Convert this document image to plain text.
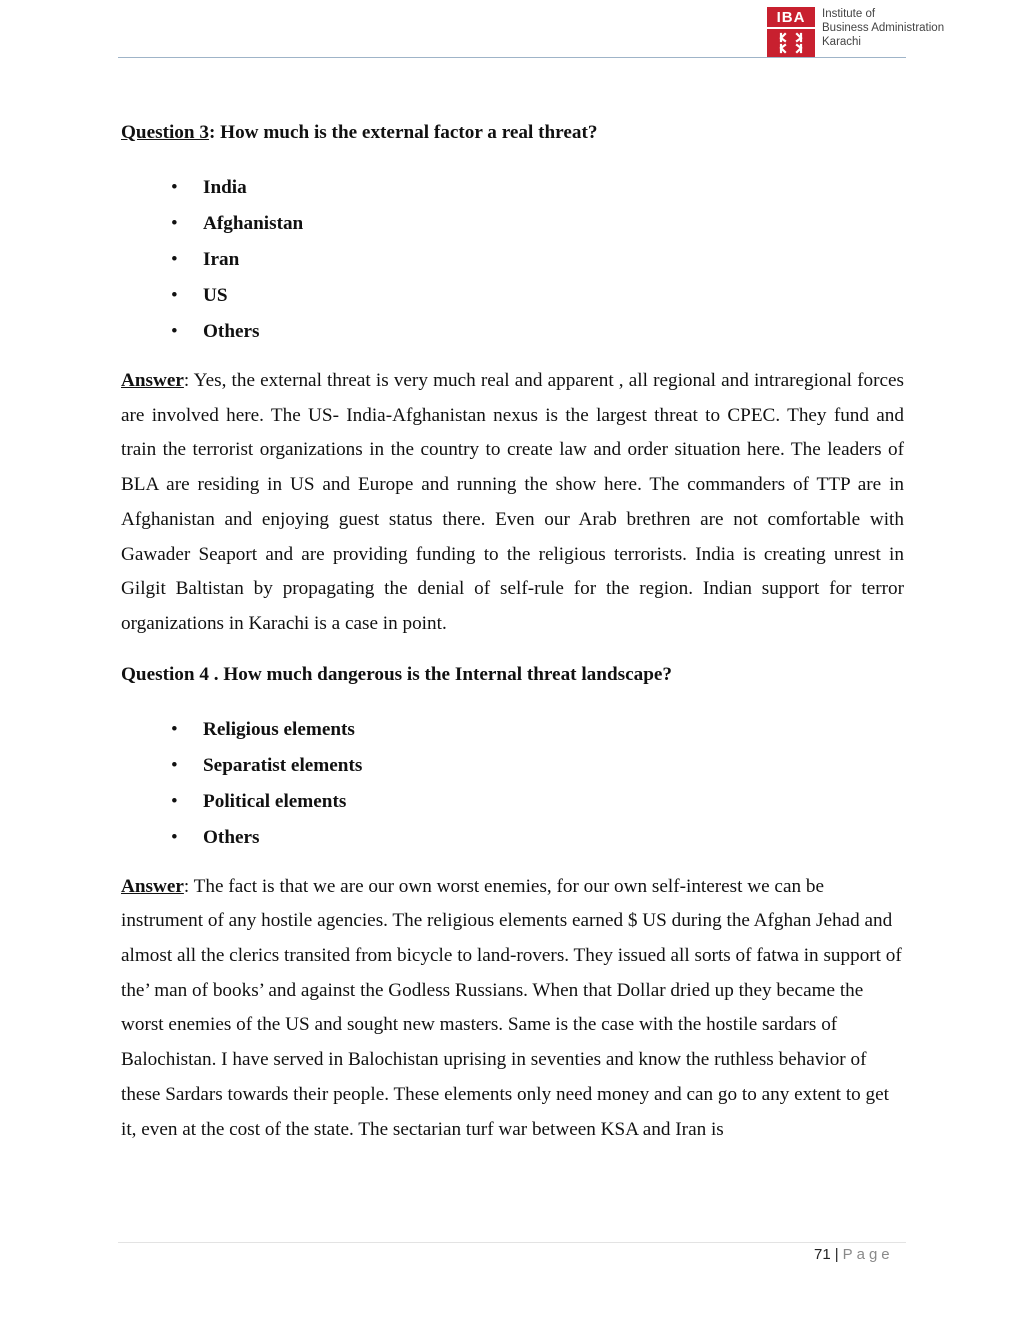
IBA	Institute of
Business Administration
Karachi

Question 3: How much is the external factor a real threat?

• India
• Afghanistan
• Iran
• US
• Others

Answer: Yes, the external threat is very much real and apparent , all regional and intraregional forces are involved here. The US- India-Afghanistan nexus is the largest threat to CPEC. They fund and train the terrorist organizations in the country to create law and order situation here. The leaders of BLA are residing in US and Europe and running the show here. The commanders of TTP are in Afghanistan and enjoying guest status there. Even our Arab brethren are not comfortable with Gawader Seaport and are providing funding to the religious terrorists. India is creating unrest in Gilgit Baltistan by propagating the denial of self-rule for the region. Indian support for terror organizations in Karachi is a case in point.

Question 4 . How much dangerous is the Internal threat landscape?

• Religious elements
• Separatist elements
• Political elements
• Others

Answer: The fact is that we are our own worst enemies, for our own self-interest we can be instrument of any hostile agencies. The religious elements earned $ US during the Afghan Jehad and almost all the clerics transited from bicycle to land-rovers. They issued all sorts of fatwa in support of the’ man of books’ and against the Godless Russians. When that Dollar dried up they became the worst enemies of the US and sought new masters. Same is the case with the hostile sardars of Balochistan. I have served in Balochistan uprising in seventies and know the ruthless behavior of these Sardars towards their people. These elements only need money and can go to any extent to get it, even at the cost of the state. The sectarian turf war between KSA and Iran is

71 | Page
